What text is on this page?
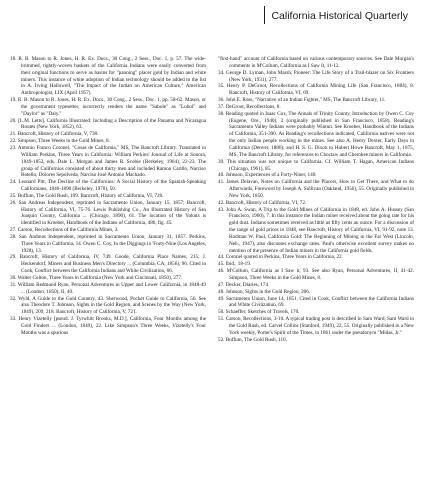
California Historical Quarterly

18. R. B. Mason to R. Jones, H. R. Ex. Docs., 30 Cong., 2 Sess., Doc. 1, p. 57. The wide-brimmed, tightly-woven baskets of the California Indians were easily converted from their original functions to serve as basins for "panning" placer gold by Indian and white miners. This instance of white adoption of Indian technology should be added to the list in A. Irving Hallowell, "The Impact of the Indian on American Culture," American Anthropologist, LIX (April 1957).

19. R. B. Mason to R. Jones, H. R. Ex. Docs., 30 Cong., 2 Sess., Doc. 1, pp. 58-62. Mason, or the government typesetter, incorrectly renders the name "Sabole" as "Lubol" and "Daylor" as "Daly."

20. [L.M. Letts], California Illustrated: Including a Description of the Panama and Nicaragua Routes (New York, 1852), 63.

21. Bancroft, History of California, V, 738.

22. Simpson, Three Weeks in the Gold Mines, 8.

23. Antonio Franco Coronel, "Cosas de California," MS, The Bancroft Library. Translated in William Perkins, Three Years in California: William Perkins' Journal of Life at Sonora, 1849-1852, eds. Dale L. Morgan and James R. Scobie (Berkeley, 1964), 22-23. The group of Californios consisted of about thirty men and included Ramon Carillo, Narciso Botello, Dolores Sepúlveda, Narciso José Antonio Machado.

24. Leonard Pitt, The Decline of the Californios: A Social History of the Spanish-Speaking Californians, 1846-1890 (Berkeley, 1970), 50.

25. Buffum, The Gold Rush, 109. Bancroft, History of California, VI, 720.

26. San Andreas Independent, reprinted in Sacramento Union, January 15, 1857; Bancroft, History of California, VI, 75-76. Lewis Publishing Co., An Illustrated History of San Joaquin County, California ... (Chicago, 1890), 61. The location of the Yokuts is identified in Kroeber, Handbook of the Indians of California, 486, fig. 45.

27. Carson, Recollections of the California Mines, 3.

28. San Andreas Independent, reprinted in Sacramento Union, January 31, 1857. Perkins, Three Years in California, 14. Owen C. Coy, In the Diggings in 'Forty-Nine (Los Angeles, 1928), 13.

29. Bancroft, History of California, IV, 749. Goode, California Place Names, 215; J. Heckendorf, Miners and Business Men's Directory ... (Columbia, CA, 1856), 96. Cited in Cook, Conflict between the California Indians and White Civilization, 66.

30. Walter Colton, Three Years in California (New York and Cincinnati, 1850), 277.

31. William Redmond Ryan, Personal Adventures in Upper and Lower California, in 1848-49 ... (London, 1850), II, 40.

32. Wyld, A Guide to the Gold Country, 43. Sherwood, Pocket Guide to California, 56. See also Theodore T. Johnson, Sights in the Gold Region, and Scenes by the Way (New York, 1849), 209, 218. Bancroft, History of California, V, 721.

33. Henry Vizetelly [pseud. J. Tyrwhitt Brooks, M.D.], California, Four Months among the Gold Finders ... (London, 1849), 22. Like Simpson's Three Weeks, Vizetelly's Four Months was a spurious

"first-hand" account of California based on various contemporary sources. See Dale Morgan's comments in M'Collum, California as I Saw It, 11-12.

34. George D. Lyman, John Marsh, Pioneer: The Life Story of a Trail-blazer on Six Frontiers (New York, 1931), 277.

35. Henry P. DeGroot, Recollections of California Mining Life (San Francisco, 1884), 8. Bancroft, History of California, VI, 69.

36. John E. Ross, "Narrative of an Indian Fighter," MS, The Bancroft Library, 11.

37. DeGroot, Recollections, 8.

38. Reading quoted in Isaac Cox, The Annals of Trinity County, Introduction by Owen C. Coy (Eugene, Ore., 1940), 2 (originally published in San Francisco, 1858). Reading's Sacramento Valley Indians were probably Wintun. See Kroeber, Handbook of the Indians of California, 351-390. As Reading's recollections indicated, California natives were not the only Indian people working in the mines. See also A. Henry Dexter, Early Days in California (Denver, 1886); and H. S. G. Dixon to Hubert Howe Bancroft, May 1, 1875, MS, The Bancroft Library, for references to Choctaw and Cherokee miners in California.

39. This situation was not unique to California. Cf. William T. Hagan, American Indians (Chicago, 1961), 85.

40. Johnson, Experiences of a Forty-Niner, 140.

41. James Delavan, Notes on California and the Placers, How to Get There, and What to do Afterwards, Foreword by Joseph A. Sullivan (Oakland, 1956), 55. Originally published in New York, 1850.

42. Bancroft, History of California, VI, 72.

43. John A. Swan, A Trip to the Gold Mines of California in 1848, ed. John A. Hussey (San Francisco, 1960), 7. In this instance the Indian miner received about the going rate for his gold dust. Indians sometimes received as little as fifty cents an ounce. For a discussion of the range of gold prices in 1848, see Bancroft, History of California, VI, 91-92, note 13. Rodman W. Paul, California Gold: The Beginning of Mining in the Far West (Lincoln, Neb., 1947), also discusses exchange rates. Paul's otherwise excellent survey makes no mention of the presence of Indian miners in the California gold fields.

44. Coronel quoted in Perkins, Three Years in California, 22.

45. Ibid., 18-19.

46. M'Collum, California as I Saw it, 93. See also Ryan, Personal Adventures, II, 41-42. Simpson, Three Weeks in the Gold Mines, 8.

47. Decker, Diaries, 174.

48. Johnson, Sights in the Gold Region, 206.

49. Sacramento Union, June 14, 1851. Cited in Cook, Conflict between the California Indians and White Civilization, 69.

50. Schaeffer, Sketches of Travels, 170.

51. Carson, Recollections, 3-10. A typical trading post is described in Sam Ward, Sam Ward in the Gold Rush, ed. Carvel Collins (Stanford, 1949), 22, 55. Originally published in a New York weekly, Porter's Spirit of the Times, in 1861 under the pseudonym "Midas, Jr."

52. Buffum, The Gold Rush, 110.
